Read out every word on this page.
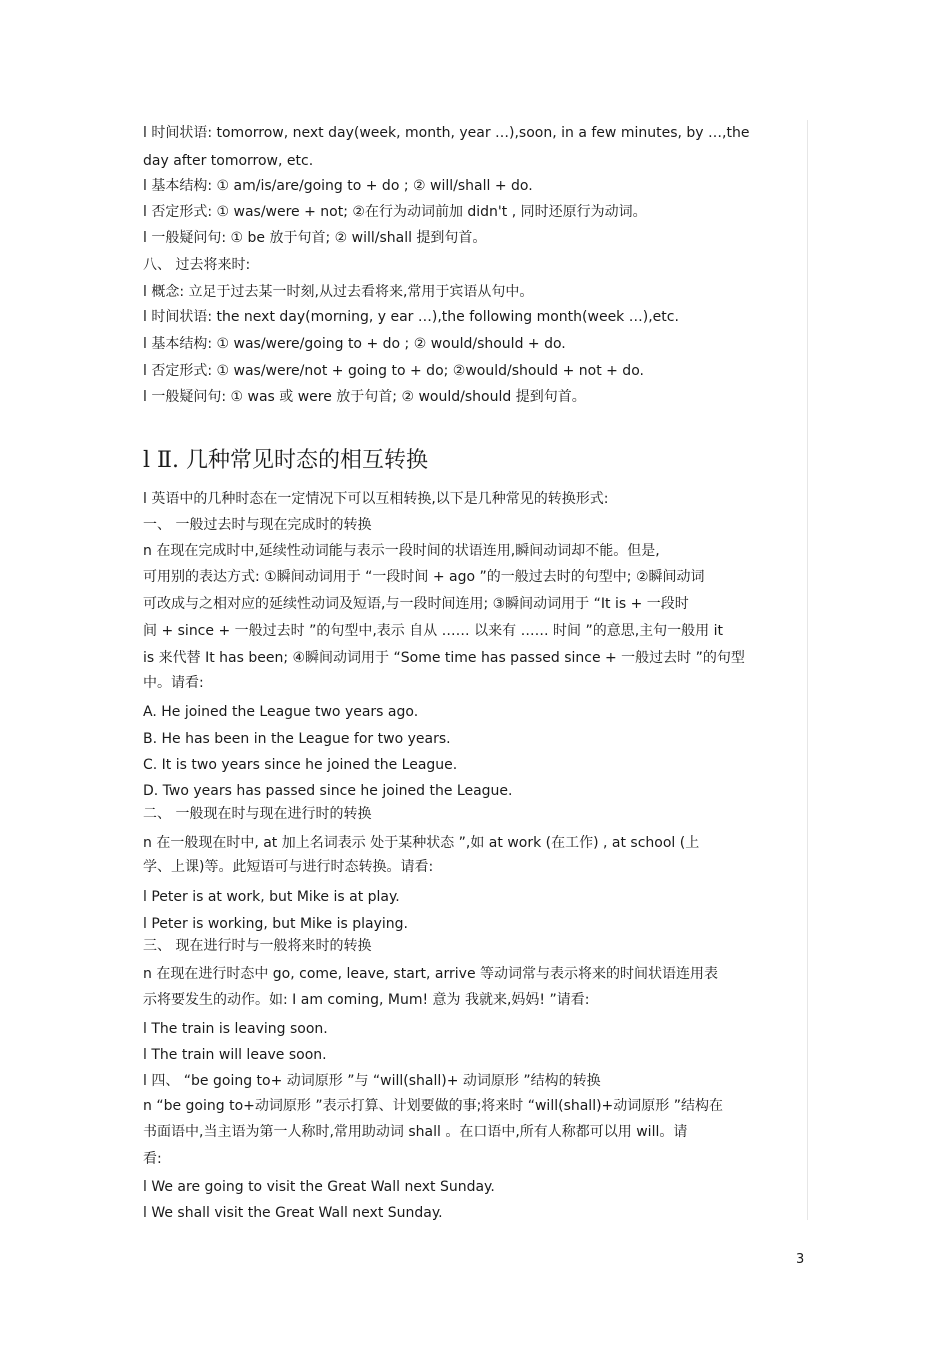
l 时间状语: tomorrow, next day(week, month, year …),soon, in a few minutes, by …,the
day after tomorrow, etc.
l 基本结构: ① am/is/are/going to + do ; ② will/shall + do.
l 否定形式: ① was/were + not; ②在行为动词前加 didn't , 同时还原行为动词。
l 一般疑问句: ① be 放于句首; ② will/shall 提到句首。
八、 过去将来时:
l 概念: 立足于过去某一时刻,从过去看将来,常用于宾语从句中。
l 时间状语: the next day(morning, y ear …),the following month(week …),etc.
l 基本结构: ① was/were/going to + do ; ② would/should + do.
l 否定形式: ① was/were/not + going to + do; ②would/should + not + do.
l 一般疑问句: ① was 或 were 放于句首; ② would/should 提到句首。
l Ⅱ. 几种常见时态的相互转换
l 英语中的几种时态在一定情况下可以互相转换,以下是几种常见的转换形式:
一、 一般过去时与现在完成时的转换
n 在现在完成时中,延续性动词能与表示一段时间的状语连用,瞬间动词却不能。但是,
可用别的表达方式: ①瞬间动词用于 “一段时间 + ago ”的一般过去时的句型中; ②瞬间动词
可改成与之相对应的延续性动词及短语,与一段时间连用; ③瞬间动词用于 “It is + 一段时
间 + since + 一般过去时 ”的句型中,表示 自从 …… 以来有 …… 时间 ”的意思,主句一般用 it
is 来代替 It has been; ④瞬间动词用于 “Some time has passed since + 一般过去时 ”的句型
中。请看:
A. He joined the League two years ago.
B. He has been in the League for two years.
C. It is two years since he joined the League.
D. Two years has passed since he joined the League.
二、 一般现在时与现在进行时的转换
n 在一般现在时中, at 加上名词表示 处于某种状态 ”,如 at work (在工作) , at school (上
学、上课)等。此短语可与进行时态转换。请看:
l Peter is at work, but Mike is at play.
l Peter is working, but Mike is playing.
三、 现在进行时与一般将来时的转换
n 在现在进行时态中 go, come, leave, start, arrive 等动词常与表示将来的时间状语连用表
示将要发生的动作。如: I am coming, Mum! 意为 我就来,妈妈! ”请看:
l The train is leaving soon.
l The train will leave soon.
l 四、 “be going to+ 动词原形 ”与 “will(shall)+ 动词原形 ”结构的转换
n “be going to+动词原形 ”表示打算、计划要做的事;将来时 “will(shall)+动词原形 ”结构在
书面语中,当主语为第一人称时,常用助动词 shall 。在口语中,所有人称都可以用 will。请
看:
l We are going to visit the Great Wall next Sunday.
l We shall visit the Great Wall next Sunday.
3
